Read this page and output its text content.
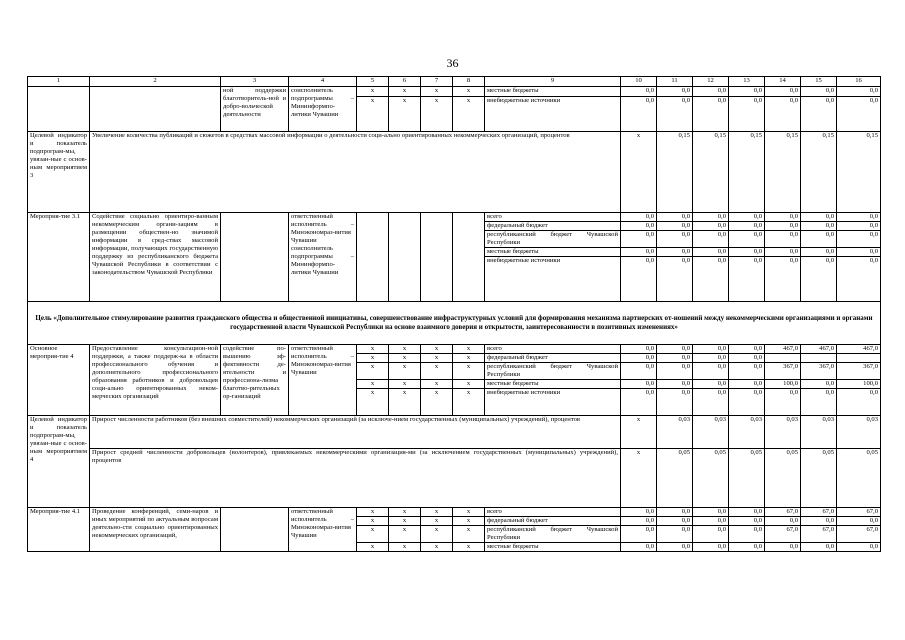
36
1	2	3	4	5	6	7	8	9	10	11	12	13	14	15	16	
		ной поддержки благотворитель-ной и добро-вольческой деятельности	соисполнитель подпрограммы – Мининформпо-литики Чувашии	x	x	x	x	местные бюджеты	0,0	0,0	0,0	0,0	0,0	0,0	0,0	
				x	x	x	x	внебюджетные источники	0,0	0,0	0,0	0,0	0,0	0,0	0,0	
Целевой индикатор и показатель подпрограм-мы, увязан-ные с основ-ным мероприятием 3	Увеличение количества публикаций и сюжетов в средствах массовой информации о деятельности соци-ально ориентированных некоммерческих организаций, процентов								x	0,15	0,15	0,15	0,15	0,15	0,15	
Мероприя-тие 3.1	Содействие социально ориентиро-ванным некоммерческим органи-зациям в размещении обществен-но значимой информации в сред-ствах массовой информации, получающих государственную поддержку из республиканского бюджета Чувашской Республики в соответствии с законодательством Чувашской Республики		ответственный исполнитель – Минэкономраз-вития Чувашии соисполнитель подпрограммы – Мининформпо-литики Чувашии					всего	0,0	0,0	0,0	0,0	0,0	0,0	0,0	
								федеральный бюджет	0,0	0,0	0,0	0,0	0,0	0,0	0,0	
								республиканский бюджет Чувашской Республики	0,0	0,0	0,0	0,0	0,0	0,0	0,0	
								местные бюджеты	0,0	0,0	0,0	0,0	0,0	0,0	0,0	
								внебюджетные источники	0,0	0,0	0,0	0,0	0,0	0,0	0,0	
Цель «Дополнительное стимулирование развития гражданского общества и общественной инициативы, совершенствование инфраструктурных условий для формирования механизма партнерских от-ношений между некоммерческими организациями и органами государственной власти Чувашской Республики на основе взаимного доверия и открытости, заинтересованности в позитивных изменениях»																
Основное мероприя-тие 4	Предоставление консультацион-ной поддержки, а также поддерж-ка в области профессионального обучения и дополнительного профессионального образования работников и добровольцев соци-ально ориентированных неком-мерческих организаций	содействие по-вышению эф-фективности де-ятельности и профессиона-лизма благотво-рительных ор-ганизаций	ответственный исполнитель – Минэкономраз-вития Чувашии	x	x	x	x	всего	0,0	0,0	0,0	0,0	467,0	467,0	467,0	
				x	x	x	x	федеральный бюджет	0,0	0,0	0,0	0,0				
				x	x	x	x	республиканский бюджет Чувашской Республики	0,0	0,0	0,0	0,0	367,0	367,0	367,0	
				x	x	x	x	местные бюджеты	0,0	0,0	0,0	0,0	100,0	0,0	100,0	
				x	x	x	x	внебюджетные источники	0,0	0,0	0,0	0,0	0,0	0,0	0,0	
Целевой индикатор и показатель подпрограм-мы, увязан-ные с основ-ным мероприятием 4	Прирост численности работников (без внешних совместителей) некоммерческих организаций (за исключе-нием государственных (муниципальных) учреждений), процентов								x	0,03	0,03	0,03	0,03	0,03	0,03	
	Прирост средней численности добровольцев (волонтеров), привлекаемых некоммерческими организация-ми (за исключением государственных (муниципальных) учреждений), процентов								x	0,05	0,05	0,05	0,05	0,05	0,05	
Мероприя-тие 4.1	Проведение конференций, семи-наров и иных мероприятий по актуальным вопросам деятельно-сти социально ориентированных некоммерческих организаций,		ответственный исполнитель – Минэкономраз-вития Чувашии	x	x	x	x	всего	0,0	0,0	0,0	0,0	67,0	67,0	67,0	
				x	x	x	x	федеральный бюджет	0,0	0,0	0,0	0,0	0,0	0,0	0,0	
				x	x	x	x	республиканский бюджет Чувашской Республики	0,0	0,0	0,0	0,0	67,0	67,0	67,0	
				x	x	x	x	местные бюджеты	0,0	0,0	0,0	0,0	0,0	0,0	0,0	
